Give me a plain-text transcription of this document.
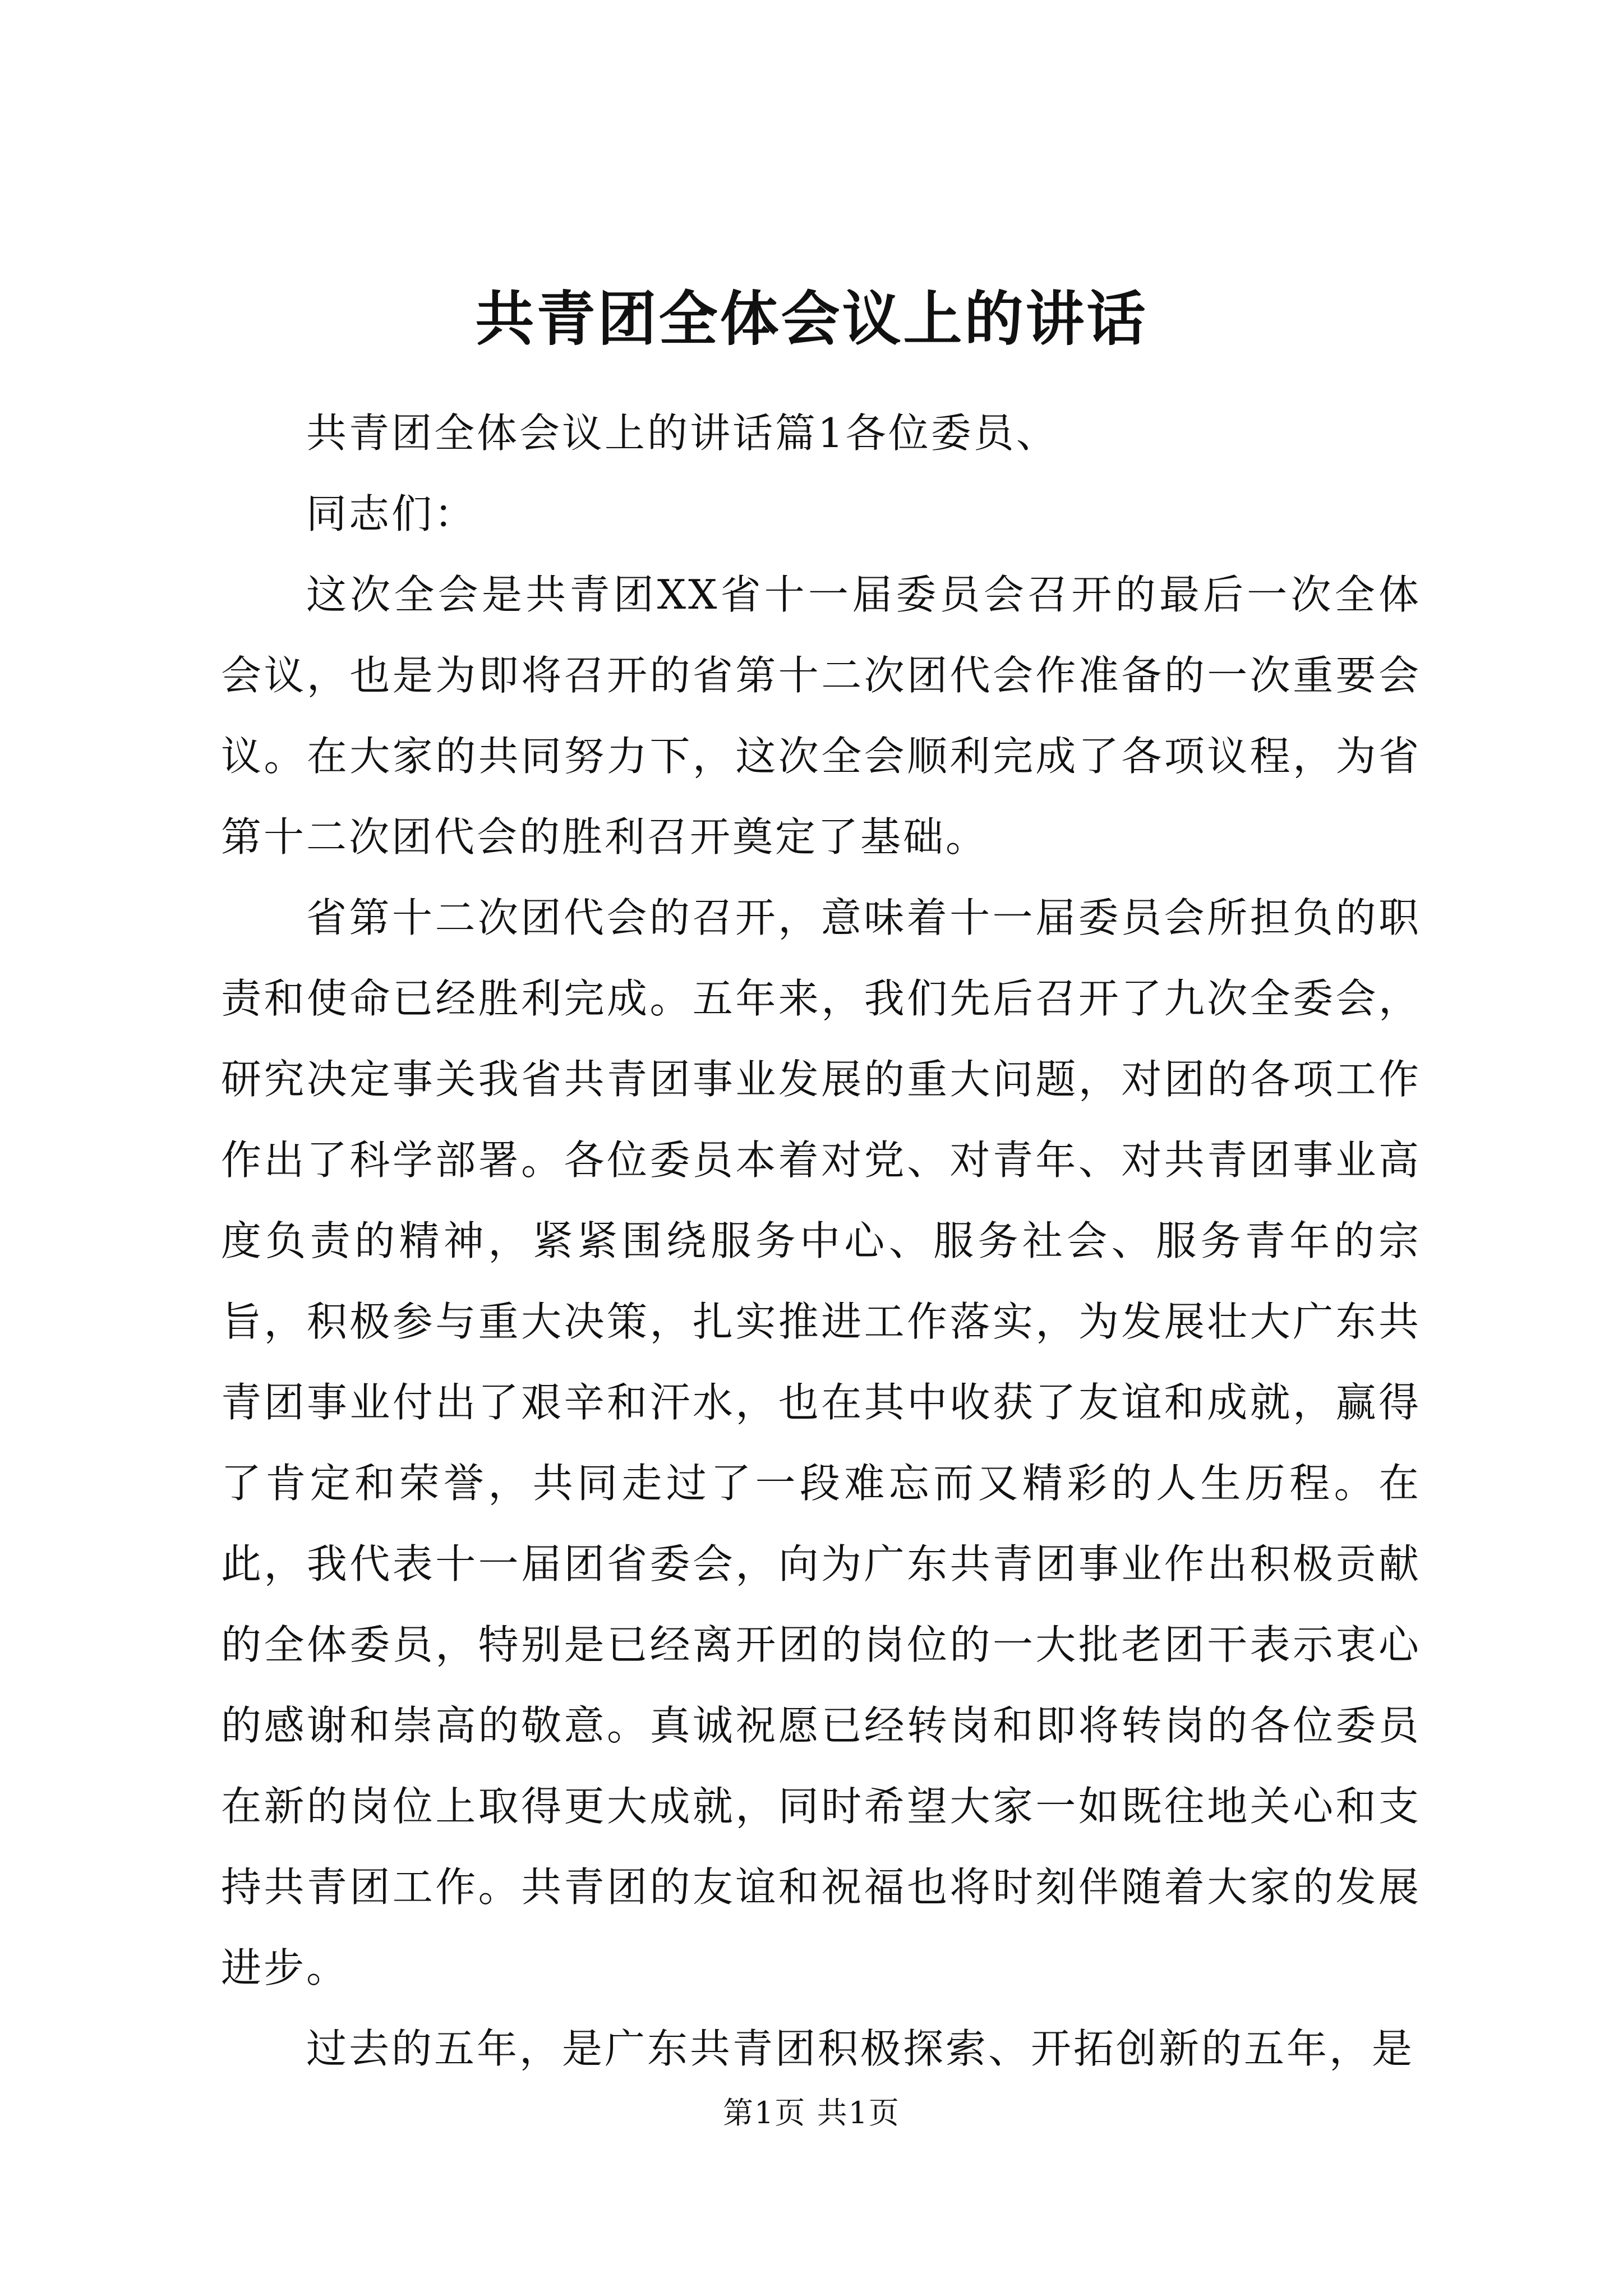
共青团全体会议上的讲话

共青团全体会议上的讲话篇1各位委员、

同志们：

这次全会是共青团XX省十一届委员会召开的最后一次全体会议，也是为即将召开的省第十二次团代会作准备的一次重要会议。在大家的共同努力下，这次全会顺利完成了各项议程，为省第十二次团代会的胜利召开奠定了基础。

省第十二次团代会的召开，意味着十一届委员会所担负的职责和使命已经胜利完成。五年来，我们先后召开了九次全委会，研究决定事关我省共青团事业发展的重大问题，对团的各项工作作出了科学部署。各位委员本着对党、对青年、对共青团事业高度负责的精神，紧紧围绕服务中心、服务社会、服务青年的宗旨，积极参与重大决策，扎实推进工作落实，为发展壮大广东共青团事业付出了艰辛和汗水，也在其中收获了友谊和成就，赢得了肯定和荣誉，共同走过了一段难忘而又精彩的人生历程。在此，我代表十一届团省委会，向为广东共青团事业作出积极贡献的全体委员，特别是已经离开团的岗位的一大批老团干表示衷心的感谢和崇高的敬意。真诚祝愿已经转岗和即将转岗的各位委员在新的岗位上取得更大成就，同时希望大家一如既往地关心和支持共青团工作。共青团的友谊和祝福也将时刻伴随着大家的发展进步。

过去的五年，是广东共青团积极探索、开拓创新的五年，是

第1页 共1页
